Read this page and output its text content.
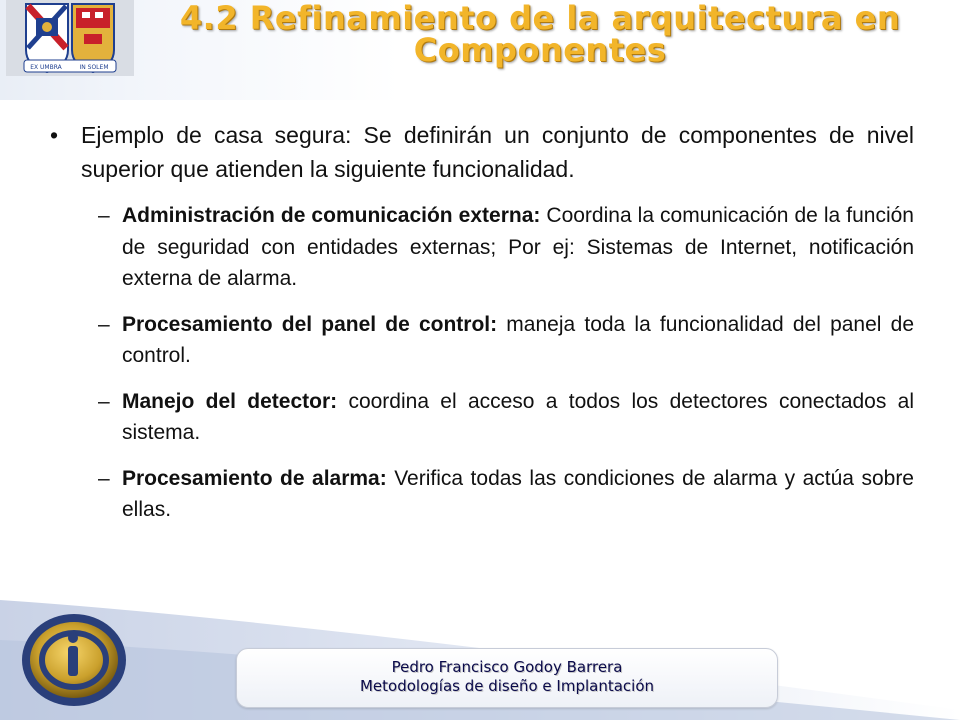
EX UMBRA	IN SOLEM
4.2 Refinamiento de la arquitectura en Componentes
• Ejemplo de casa segura: Se definirán un conjunto de componentes de nivel superior que atienden la siguiente funcionalidad.
– Administración de comunicación externa: Coordina la comunicación de la función de seguridad con entidades externas; Por ej: Sistemas de Internet, notificación externa de alarma.
– Procesamiento del panel de control: maneja toda la funcionalidad del panel de control.
– Manejo del detector: coordina el acceso a todos los detectores conectados al sistema.
– Procesamiento de alarma: Verifica todas las condiciones de alarma y actúa sobre ellas.
Pedro Francisco Godoy Barrera
Metodologías de diseño e Implantación
